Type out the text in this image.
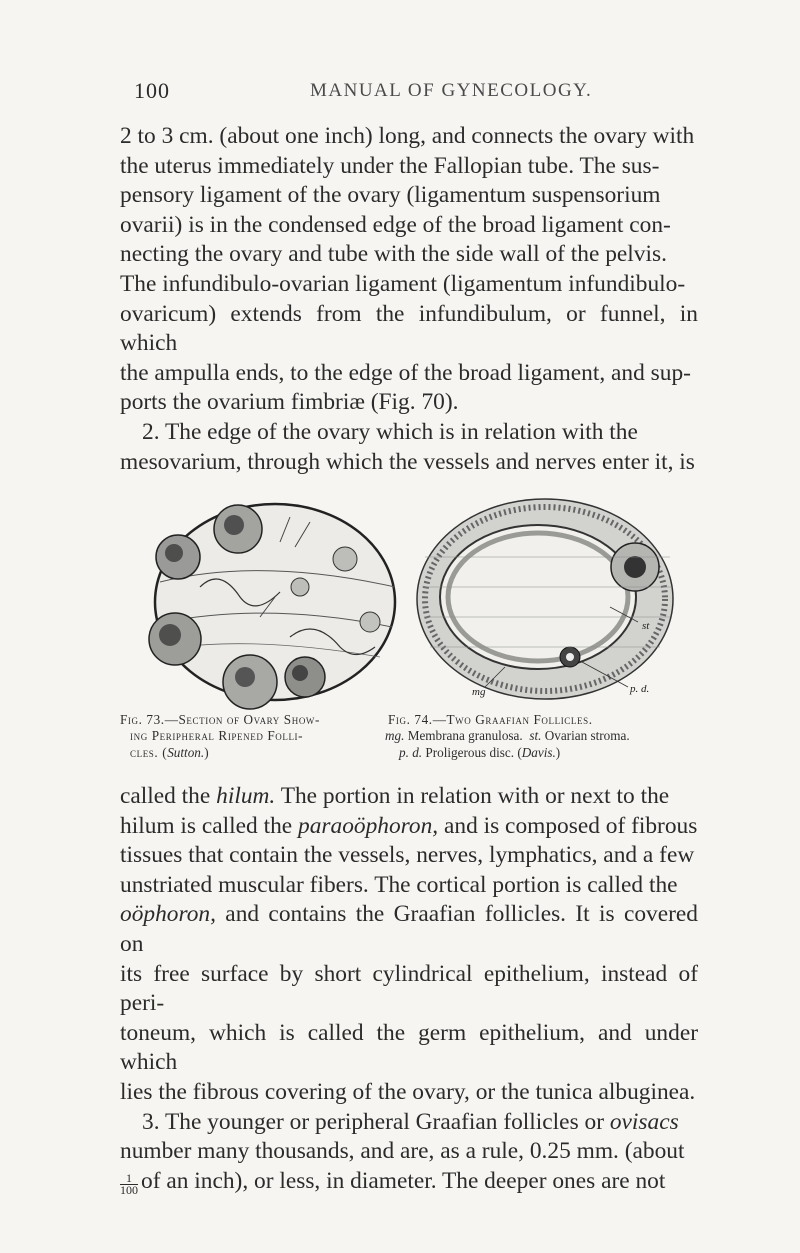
100	MANUAL OF GYNECOLOGY.

2 to 3 cm. (about one inch) long, and connects the ovary with

the uterus immediately under the Fallopian tube. The sus-

pensory ligament of the ovary (ligamentum suspensorium

ovarii) is in the condensed edge of the broad ligament con-

necting the ovary and tube with the side wall of the pelvis.

The infundibulo-ovarian ligament (ligamentum infundibulo-

ovaricum) extends from the infundibulum, or funnel, in which

the ampulla ends, to the edge of the broad ligament, and sup-

ports the ovarium fimbriæ (Fig. 70).

2. The edge of the ovary which is in relation with the

mesovarium, through which the vessels and nerves enter it, is

st
mg	p. d.
Fig. 73.—Section of Ovary Show-
ing Peripheral Ripened Folli-
cles. (Sutton.)
Fig. 74.—Two Graafian Follicles.
mg. Membrana granulosa. st. Ovarian stroma.
p. d. Proligerous disc. (Davis.)

called the hilum. The portion in relation with or next to the

hilum is called the paraoöphoron, and is composed of fibrous

tissues that contain the vessels, nerves, lymphatics, and a few

unstriated muscular fibers. The cortical portion is called the

oöphoron, and contains the Graafian follicles. It is covered on

its free surface by short cylindrical epithelium, instead of peri-

toneum, which is called the germ epithelium, and under which

lies the fibrous covering of the ovary, or the tunica albuginea.

3. The younger or peripheral Graafian follicles or ovisacs

number many thousands, and are, as a rule, 0.25 mm. (about

$\frac{1}{100}$ of an inch), or less, in diameter. The deeper ones are not
